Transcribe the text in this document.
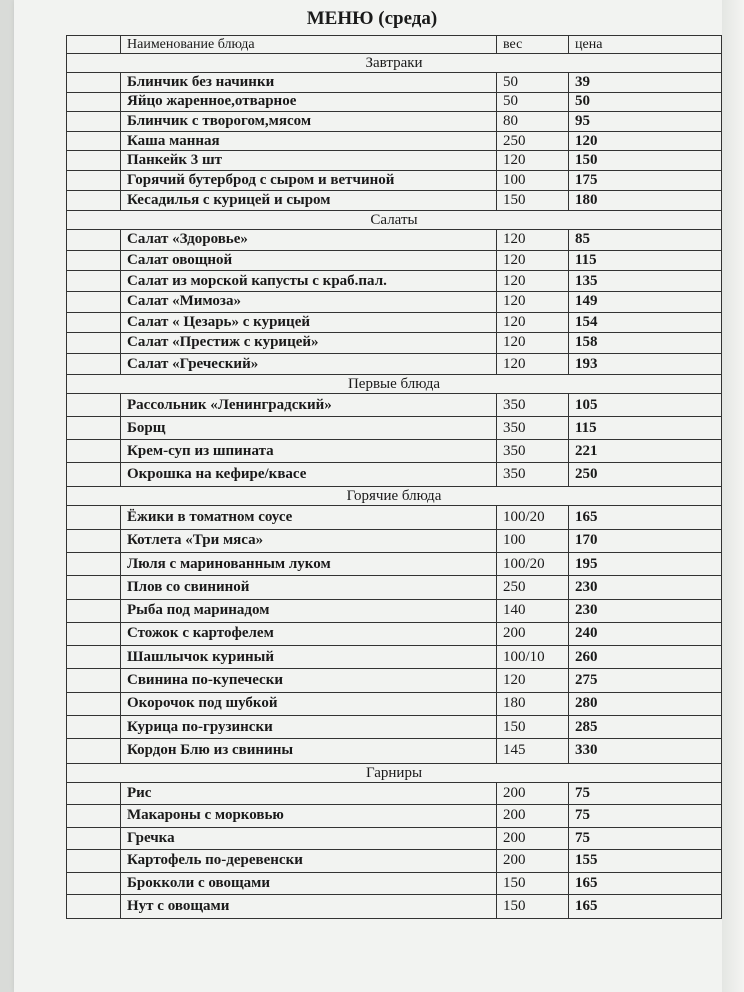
МЕНЮ (среда)
Наименование блюда	вес	цена
Завтраки
Блинчик без начинки	50	39
Яйцо жаренное,отварное	50	50
Блинчик с творогом,мясом	80	95
Каша манная	250	120
Панкейк 3 шт	120	150
Горячий бутерброд с сыром и ветчиной	100	175
Кесадилья с курицей и сыром	150	180
Салаты
Салат «Здоровье»	120	85
Салат овощной	120	115
Салат из морской капусты с краб.пал.	120	135
Салат «Мимоза»	120	149
Салат « Цезарь» с курицей	120	154
Салат «Престиж с курицей»	120	158
Салат «Греческий»	120	193
Первые блюда
Рассольник «Ленинградский»	350	105
Борщ	350	115
Крем-суп из шпината	350	221
Окрошка на кефире/квасе	350	250
Горячие блюда
Ёжики в томатном соусе	100/20	165
Котлета «Три мяса»	100	170
Люля с маринованным луком	100/20	195
Плов со свининой	250	230
Рыба под маринадом	140	230
Стожок с картофелем	200	240
Шашлычок куриный	100/10	260
Свинина по-купечески	120	275
Окорочок под шубкой	180	280
Курица по-грузински	150	285
Кордон Блю из свинины	145	330
Гарниры
Рис	200	75
Макароны с морковью	200	75
Гречка	200	75
Картофель по-деревенски	200	155
Брокколи с овощами	150	165
Нут с овощами	150	165
